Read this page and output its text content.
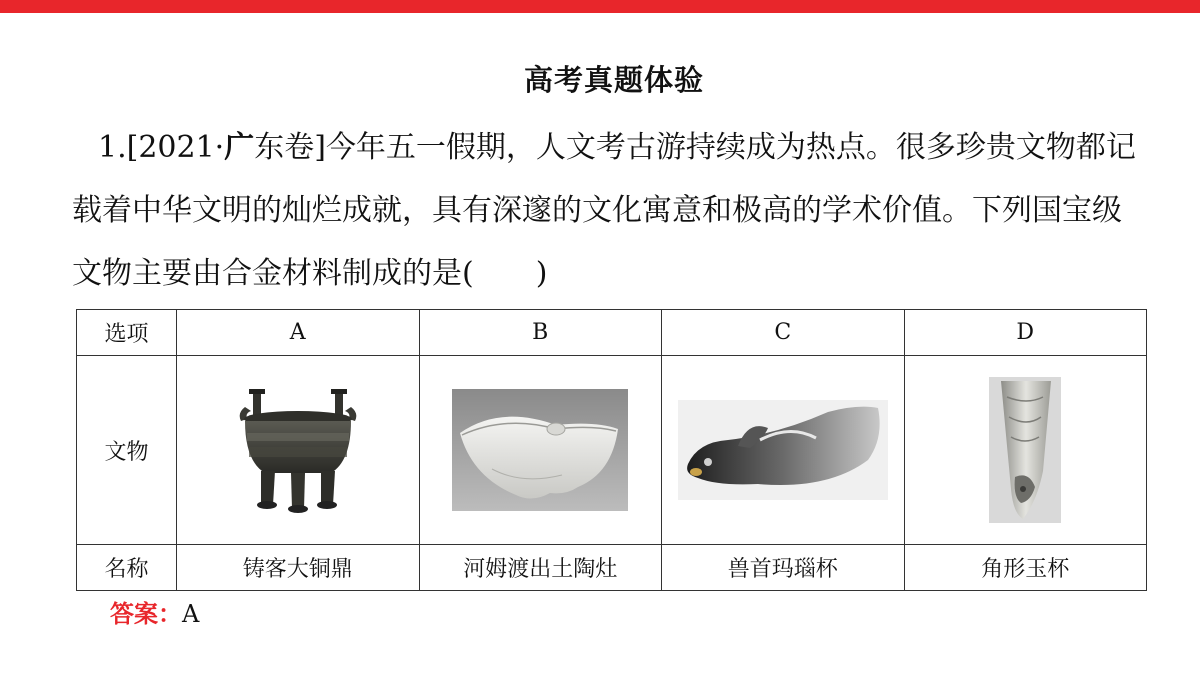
高考真题体验
1.[2021·广东卷]今年五一假期，人文考古游持续成为热点。很多珍贵文物都记载着中华文明的灿烂成就，具有深邃的文化寓意和极高的学术价值。下列国宝级文物主要由合金材料制成的是( )
选项	A	B	C	D
文物				
名称	铸客大铜鼎	河姆渡出土陶灶	兽首玛瑙杯	角形玉杯
答案：A
